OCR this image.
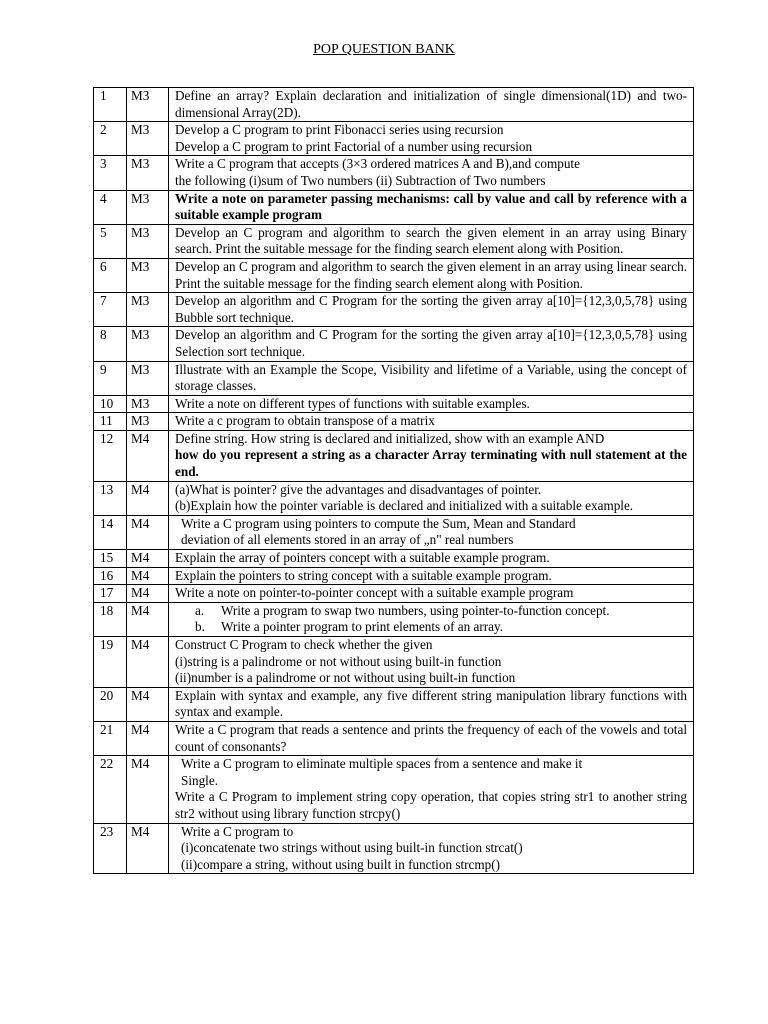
POP QUESTION BANK
1	M3	Define an array? Explain declaration and initialization of single dimensional(1D) and two-dimensional Array(2D).

2	M3	Develop a C program to print Fibonacci series using recursion
Develop a C program to print Factorial of a number using recursion

3	M3	Write a C program that accepts (3×3 ordered matrices A and B),and compute
the following (i)sum of Two numbers (ii) Subtraction of Two numbers

4	M3	Write a note on parameter passing mechanisms: call by value and call by reference with a suitable example program

5	M3	Develop an C program and algorithm to search the given element in an array using Binary search. Print the suitable message for the finding search element along with Position.

6	M3	Develop an C program and algorithm to search the given element in an array using linear search. Print the suitable message for the finding search element along with Position.

7	M3	Develop an algorithm and C Program for the sorting the given array a[10]={12,3,0,5,78} using Bubble sort technique.

8	M3	Develop an algorithm and C Program for the sorting the given array a[10]={12,3,0,5,78} using Selection sort technique.

9	M3	Illustrate with an Example the Scope, Visibility and lifetime of a Variable, using the concept of storage classes.

10	M3	Write a note on different types of functions with suitable examples.

11	M3	Write a c program to obtain transpose of a matrix

12	M4	Define string. How string is declared and initialized, show with an example AND
how do you represent a string as a character Array terminating with null statement at the end.

13	M4	(a)What is pointer? give the advantages and disadvantages of pointer.
(b)Explain how the pointer variable is declared and initialized with a suitable example.

14	M4	Write a C program using pointers to compute the Sum, Mean and Standard
deviation of all elements stored in an array of „n" real numbers

15	M4	Explain the array of pointers concept with a suitable example program.

16	M4	Explain the pointers to string concept with a suitable example program.

17	M4	Write a note on pointer-to-pointer concept with a suitable example program

18	M4	a. Write a program to swap two numbers, using pointer-to-function concept.
b. Write a pointer program to print elements of an array.

19	M4	Construct C Program to check whether the given
(i)string is a palindrome or not without using built-in function
(ii)number is a palindrome or not without using built-in function

20	M4	Explain with syntax and example, any five different string manipulation library functions with syntax and example.

21	M4	Write a C program that reads a sentence and prints the frequency of each of the vowels and total count of consonants?

22	M4	Write a C program to eliminate multiple spaces from a sentence and make it
Single.
Write a C Program to implement string copy operation, that copies string str1 to another string str2 without using library function strcpy()

23	M4	Write a C program to
(i)concatenate two strings without using built-in function strcat()
(ii)compare a string, without using built in function strcmp()
